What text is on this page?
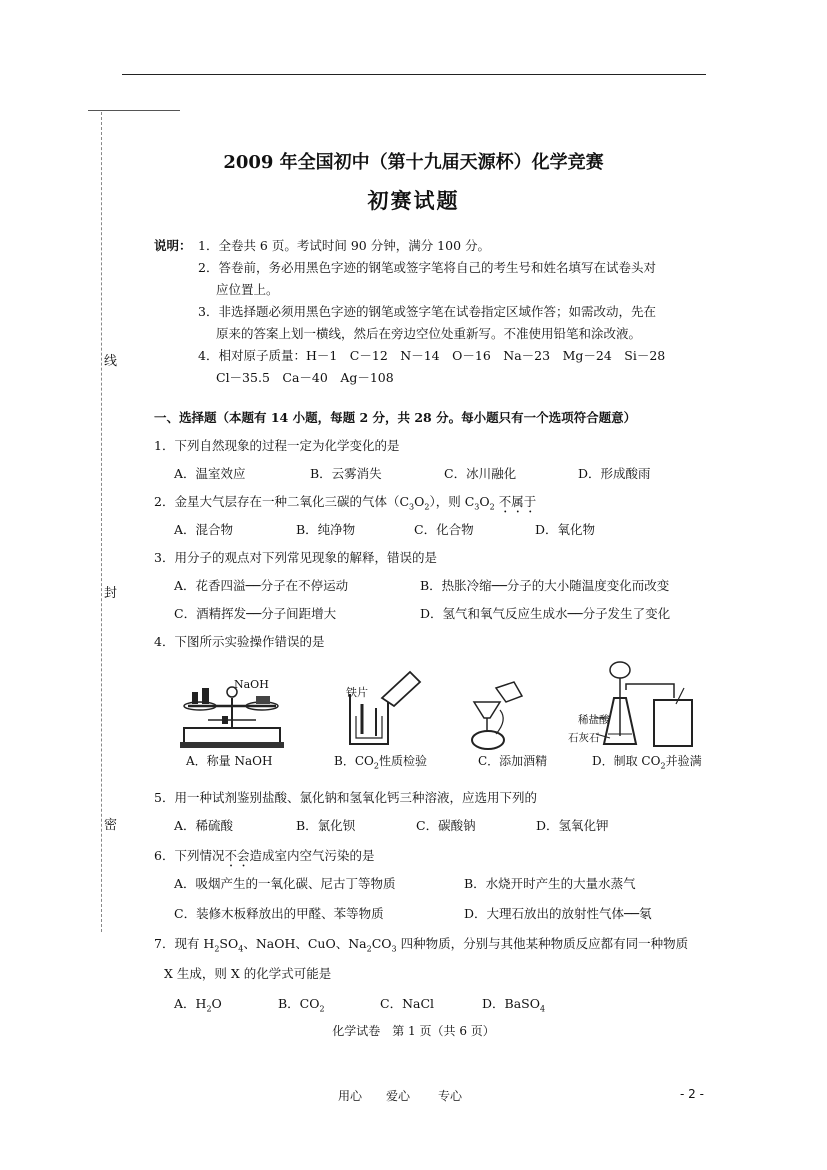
线
封
密
2009 年全国初中（第十九届天源杯）化学竞赛
初赛试题
说明： 1．全卷共 6 页。考试时间 90 分钟，满分 100 分。
2．答卷前，务必用黑色字迹的钢笔或签字笔将自己的考生号和姓名填写在试卷头对
应位置上。
3．非选择题必须用黑色字迹的钢笔或签字笔在试卷指定区域作答；如需改动，先在
原来的答案上划一横线，然后在旁边空位处重新写。不准使用铅笔和涂改液。
4．相对原子质量：H－1　C－12　N－14　O－16　Na－23　Mg－24　Si－28
Cl－35.5　Ca－40　Ag－108
一、选择题（本题有 14 小题，每题 2 分，共 28 分。每小题只有一个选项符合题意）
1．下列自然现象的过程一定为化学变化的是
A．温室效应	B．云雾消失	C．冰川融化	D．形成酸雨
2．金星大气层存在一种二氧化三碳的气体$(C_3O_2)$，则 $C_3O_2$ 不属于
A．混合物	B．纯净物	C．化合物	D．氧化物
3．用分子的观点对下列常见现象的解释，错误的是
A．花香四溢──分子在不停运动	B．热胀冷缩──分子的大小随温度变化而改变
C．酒精挥发──分子间距增大	D．氢气和氧气反应生成水──分子发生了变化
4．下图所示实验操作错误的是
NaOH
铁片
稀盐酸
石灰石
A．称量 NaOH	B．$CO_2$性质检验	C．添加酒精	D．制取 $CO_2$并验满
5．用一种试剂鉴别盐酸、氯化钠和氢氧化钙三种溶液，应选用下列的
A．稀硫酸	B．氯化钡	C．碳酸钠	D．氢氧化钾
6．下列情况不会造成室内空气污染的是
A．吸烟产生的一氧化碳、尼古丁等物质	B．水烧开时产生的大量水蒸气
C．装修木板释放出的甲醛、苯等物质	D．大理石放出的放射性气体──氡
7．现有 $H_2SO_4$、NaOH、CuO、$Na_2CO_3$ 四种物质，分别与其他某种物质反应都有同一种物质
X 生成，则 X 的化学式可能是
A．$H_2O$	B．$CO_2$	C．NaCl	D．BaSO$_4$
化学试卷　第 1 页（共 6 页）
用心 爱心 专心	- 2 -
